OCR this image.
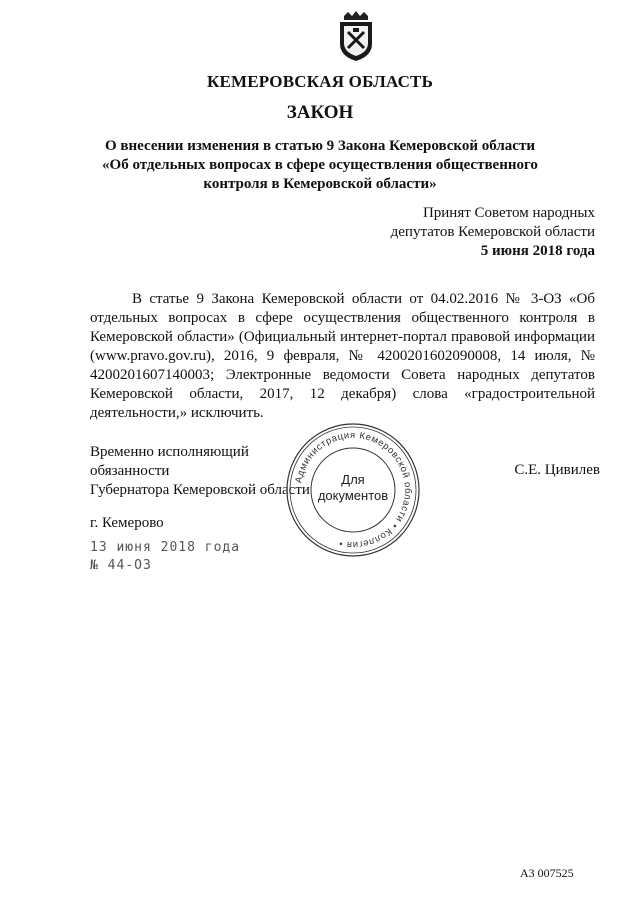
КЕМЕРОВСКАЯ ОБЛАСТЬ
ЗАКОН
О внесении изменения в статью 9 Закона Кемеровской области
«Об отдельных вопросах в сфере осуществления общественного
контроля в Кемеровской области»
Принят Советом народных
депутатов Кемеровской области
5 июня 2018 года
В статье 9 Закона Кемеровской области от 04.02.2016 № 3-ОЗ «Об отдельных вопросах в сфере осуществления общественного контроля в Кемеровской области» (Официальный интернет-портал правовой информации (www.pravo.gov.ru), 2016, 9 февраля, № 4200201602090008, 14 июля, № 4200201607140003; Электронные ведомости Совета народных депутатов Кемеровской области, 2017, 12 декабря) слова «градостроительной деятельности,» исключить.
Временно исполняющий обязанности
Губернатора Кемеровской области
Администрация Кемеровской области • Коллегия •
Для
документов
С.Е. Цивилев
г. Кемерово
13 июня 2018 года
№ 44-ОЗ
А3 007525
